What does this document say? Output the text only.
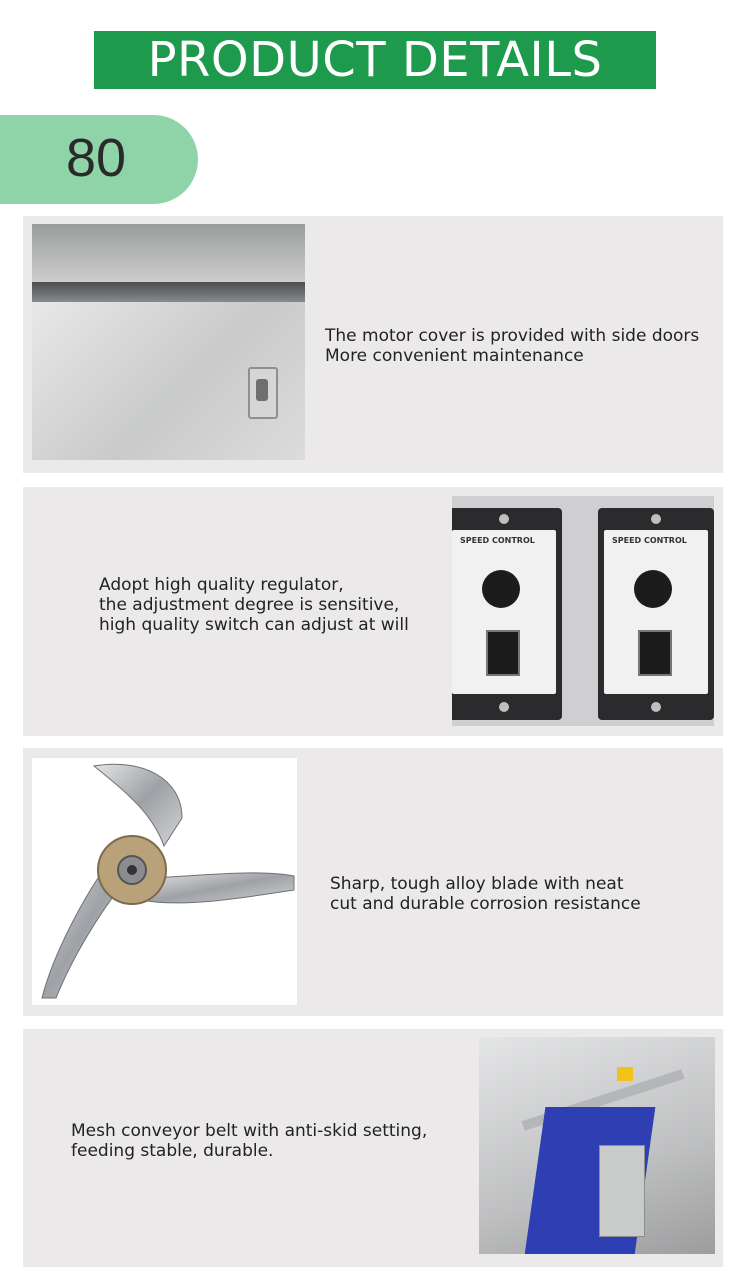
PRODUCT DETAILS
80
The motor cover is provided with side doors
More convenient maintenance
Adopt high quality regulator,
the adjustment degree is sensitive,
high quality switch can adjust at will
SPEED CONTROL	SPEED CONTROL
Sharp, tough alloy blade with neat
cut and durable corrosion resistance
Mesh conveyor belt with anti-skid setting,
feeding stable, durable.
